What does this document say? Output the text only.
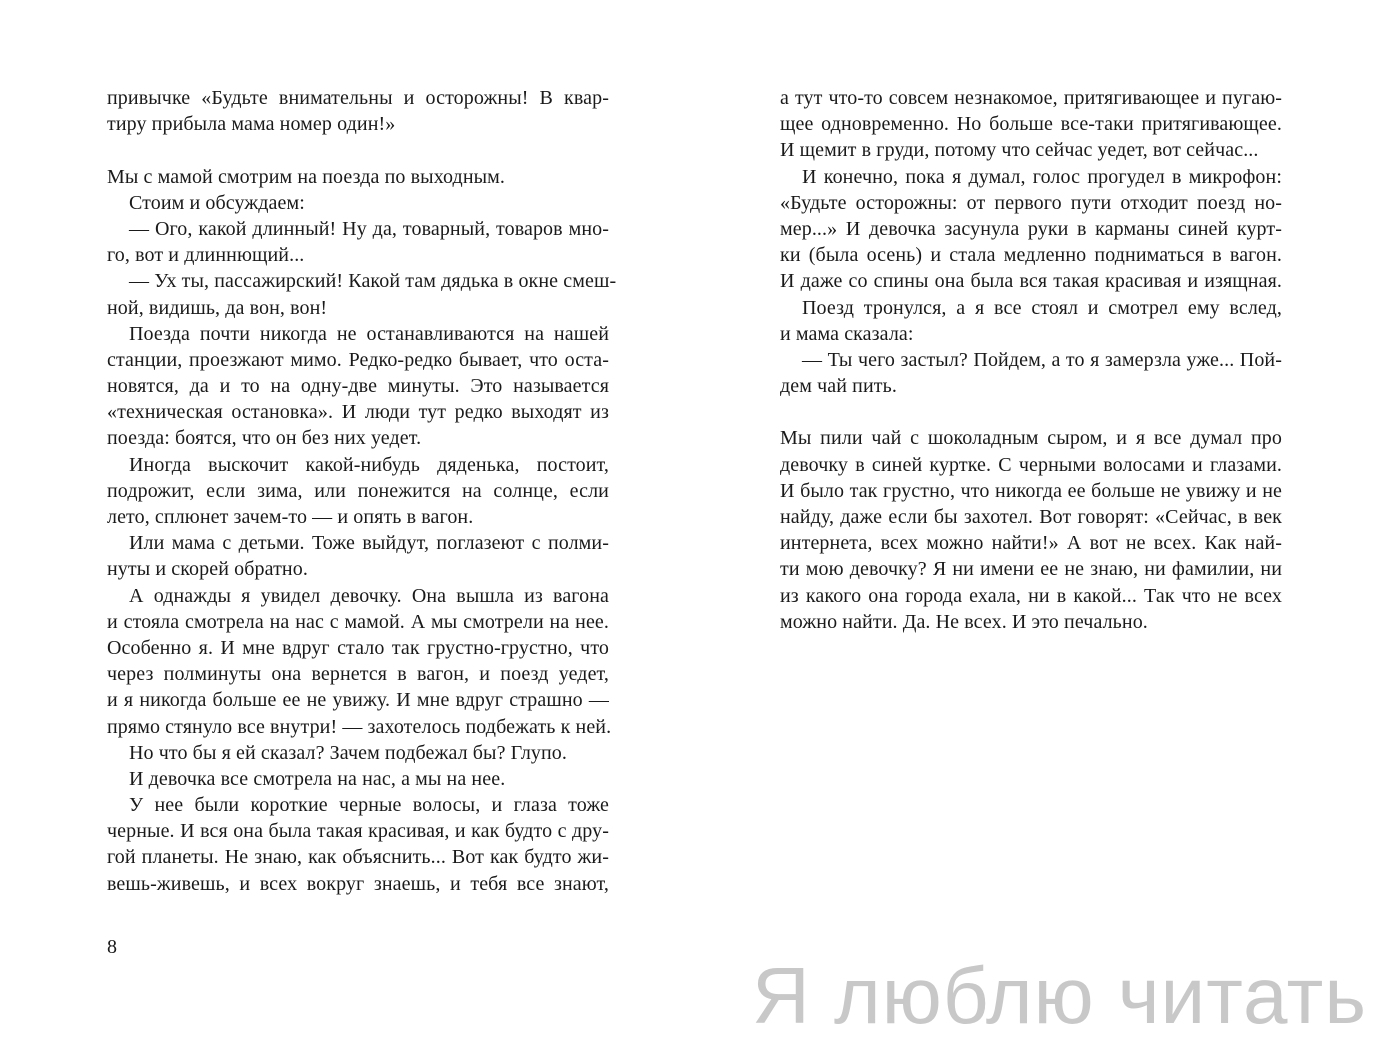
привычке «Будьте внимательны и осторожны! В квар-
тиру прибыла мама номер один!»

Мы с мамой смотрим на поезда по выходным.
Стоим и обсуждаем:
— Ого, какой длинный! Ну да, товарный, товаров мно-
го, вот и длиннющий...
— Ух ты, пассажирский! Какой там дядька в окне смеш-
ной, видишь, да вон, вон!
Поезда почти никогда не останавливаются на нашей
станции, проезжают мимо. Редко-редко бывает, что оста-
новятся, да и то на одну-две минуты. Это называется
«техническая остановка». И люди тут редко выходят из
поезда: боятся, что он без них уедет.
Иногда выскочит какой-нибудь дяденька, постоит,
подрожит, если зима, или понежится на солнце, если
лето, сплюнет зачем-то — и опять в вагон.
Или мама с детьми. Тоже выйдут, поглазеют с полми-
нуты и скорей обратно.
А однажды я увидел девочку. Она вышла из вагона
и стояла смотрела на нас с мамой. А мы смотрели на нее.
Особенно я. И мне вдруг стало так грустно-грустно, что
через полминуты она вернется в вагон, и поезд уедет,
и я никогда больше ее не увижу. И мне вдруг страшно —
прямо стянуло все внутри! — захотелось подбежать к ней.
Но что бы я ей сказал? Зачем подбежал бы? Глупо.
И девочка все смотрела на нас, а мы на нее.
У нее были короткие черные волосы, и глаза тоже
черные. И вся она была такая красивая, и как будто с дру-
гой планеты. Не знаю, как объяснить... Вот как будто жи-
вешь-живешь, и всех вокруг знаешь, и тебя все знают,
а тут что-то совсем незнакомое, притягивающее и пугаю-
щее одновременно. Но больше все-таки притягивающее.
И щемит в груди, потому что сейчас уедет, вот сейчас...
И конечно, пока я думал, голос прогудел в микрофон:
«Будьте осторожны: от первого пути отходит поезд но-
мер...» И девочка засунула руки в карманы синей курт-
ки (была осень) и стала медленно подниматься в вагон.
И даже со спины она была вся такая красивая и изящная.
Поезд тронулся, а я все стоял и смотрел ему вслед,
и мама сказала:
— Ты чего застыл? Пойдем, а то я замерзла уже... Пой-
дем чай пить.

Мы пили чай с шоколадным сыром, и я все думал про
девочку в синей куртке. С черными волосами и глазами.
И было так грустно, что никогда ее больше не увижу и не
найду, даже если бы захотел. Вот говорят: «Сейчас, в век
интернета, всех можно найти!» А вот не всех. Как най-
ти мою девочку? Я ни имени ее не знаю, ни фамилии, ни
из какого она города ехала, ни в какой... Так что не всех
можно найти. Да. Не всех. И это печально.
8
Я люблю читать
